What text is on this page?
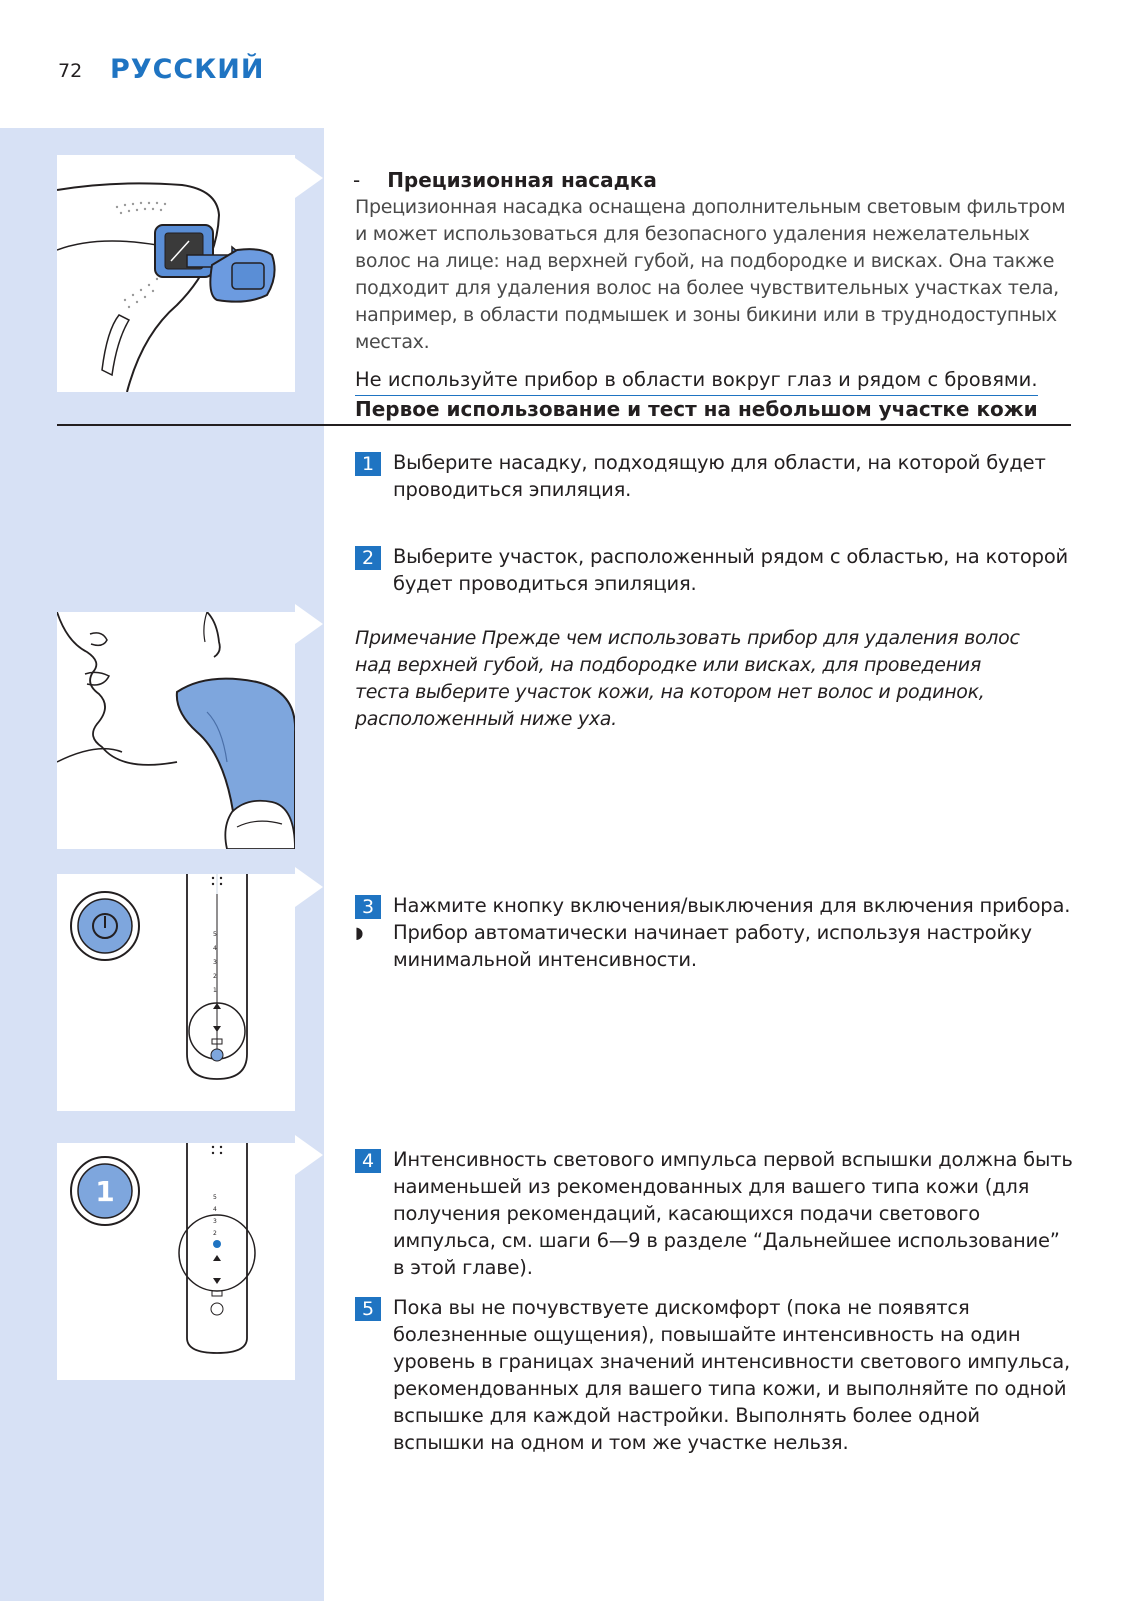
72 РУССКИЙ
5
4
3
2
1
1	5
4
3
2
- Прецизионная насадка
Прецизионная насадка оснащена дополнительным световым фильтром и может использоваться для безопасного удаления нежелательных волос на лице: над верхней губой, на подбородке и висках. Она также подходит для удаления волос на более чувствительных участках тела, например, в области подмышек и зоны бикини или в труднодоступных местах.
Не используйте прибор в области вокруг глаз и рядом с бровями.
Первое использование и тест на небольшом участке кожи
1 Выберите насадку, подходящую для области, на которой будет проводиться эпиляция.
2 Выберите участок, расположенный рядом с областью, на которой будет проводиться эпиляция.
Примечание Прежде чем использовать прибор для удаления волос над верхней губой, на подбородке или висках, для проведения теста выберите участок кожи, на котором нет волос и родинок, расположенный ниже уха.
3 Нажмите кнопку включения/выключения для включения прибора.
◗ Прибор автоматически начинает работу, используя настройку минимальной интенсивности.
4 Интенсивность светового импульса первой вспышки должна быть наименьшей из рекомендованных для вашего типа кожи (для получения рекомендаций, касающихся подачи светового импульса, см. шаги 6—9 в разделе “Дальнейшее использование” в этой главе).
5 Пока вы не почувствуете дискомфорт (пока не появятся болезненные ощущения), повышайте интенсивность на один уровень в границах значений интенсивности светового импульса, рекомендованных для вашего типа кожи, и выполняйте по одной вспышке для каждой настройки. Выполнять более одной вспышки на одном и том же участке нельзя.
